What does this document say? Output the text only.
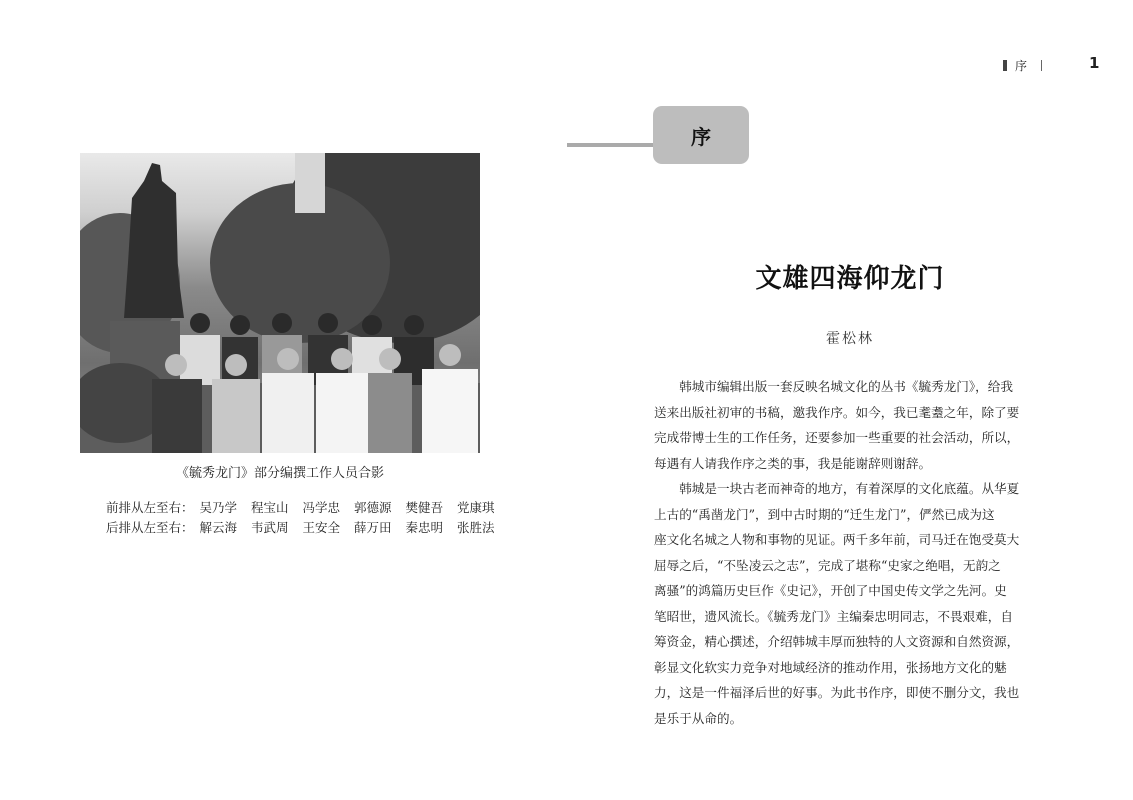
《毓秀龙门》部分编撰工作人员合影
前排从左至右： 吴乃学 程宝山 冯学忠 郭德源 樊健吾 党康琪
后排从左至右： 解云海 韦武周 王安全 薛万田 秦忠明 张胜法
序	1
序
文雄四海仰龙门
霍松林
　　韩城市编辑出版一套反映名城文化的丛书《毓秀龙门》，给我
送来出版社初审的书稿，邀我作序。如今，我已耄耋之年，除了要
完成带博士生的工作任务，还要参加一些重要的社会活动，所以，
每遇有人请我作序之类的事，我是能谢辞则谢辞。
　　韩城是一块古老而神奇的地方，有着深厚的文化底蕴。从华夏
上古的“禹凿龙门”，到中古时期的“迁生龙门”，俨然已成为这
座文化名城之人物和事物的见证。两千多年前，司马迁在饱受莫大
屈辱之后，“不坠凌云之志”，完成了堪称“史家之绝唱，无韵之
离骚”的鸿篇历史巨作《史记》，开创了中国史传文学之先河。史
笔昭世，遗风流长。《毓秀龙门》主编秦忠明同志，不畏艰难，自
筹资金，精心撰述，介绍韩城丰厚而独特的人文资源和自然资源，
彰显文化软实力竞争对地域经济的推动作用，张扬地方文化的魅
力，这是一件福泽后世的好事。为此书作序，即使不删分文，我也
是乐于从命的。
